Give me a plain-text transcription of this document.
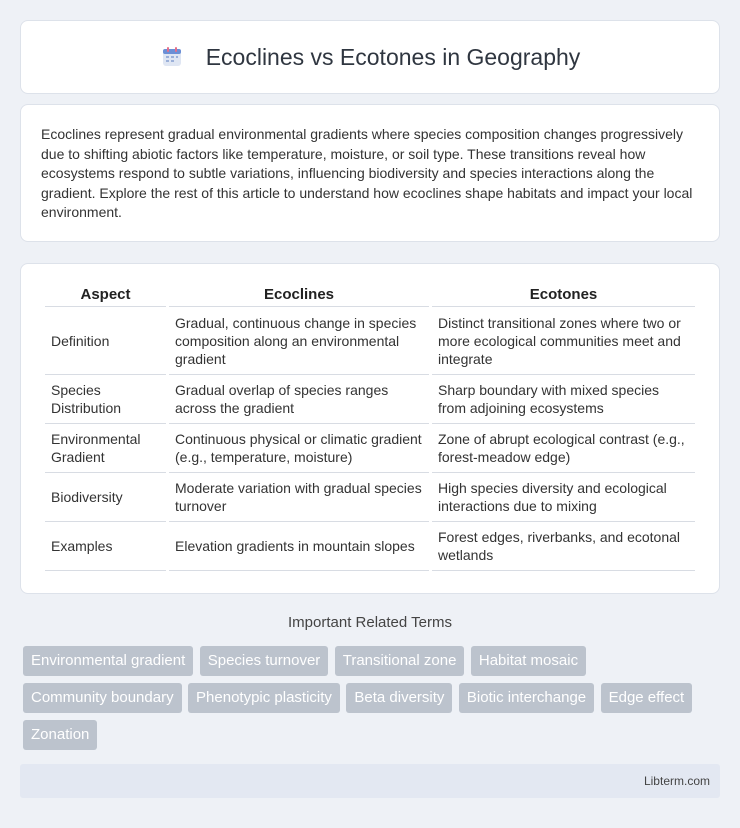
Ecoclines vs Ecotones in Geography

Ecoclines represent gradual environmental gradients where species composition changes progressively due to shifting abiotic factors like temperature, moisture, or soil type. These transitions reveal how ecosystems respond to subtle variations, influencing biodiversity and species interactions along the gradient. Explore the rest of this article to understand how ecoclines shape habitats and impact your local environment.

Aspect	Ecoclines	Ecotones
Definition	Gradual, continuous change in species composition along an environmental gradient	Distinct transitional zones where two or more ecological communities meet and integrate
Species Distribution	Gradual overlap of species ranges across the gradient	Sharp boundary with mixed species from adjoining ecosystems
Environmental Gradient	Continuous physical or climatic gradient (e.g., temperature, moisture)	Zone of abrupt ecological contrast (e.g., forest-meadow edge)
Biodiversity	Moderate variation with gradual species turnover	High species diversity and ecological interactions due to mixing
Examples	Elevation gradients in mountain slopes	Forest edges, riverbanks, and ecotonal wetlands
Important Related Terms
Environmental gradient Species turnover Transitional zone Habitat mosaic Community boundary Phenotypic plasticity Beta diversity Biotic interchange Edge effect Zonation
Libterm.com
